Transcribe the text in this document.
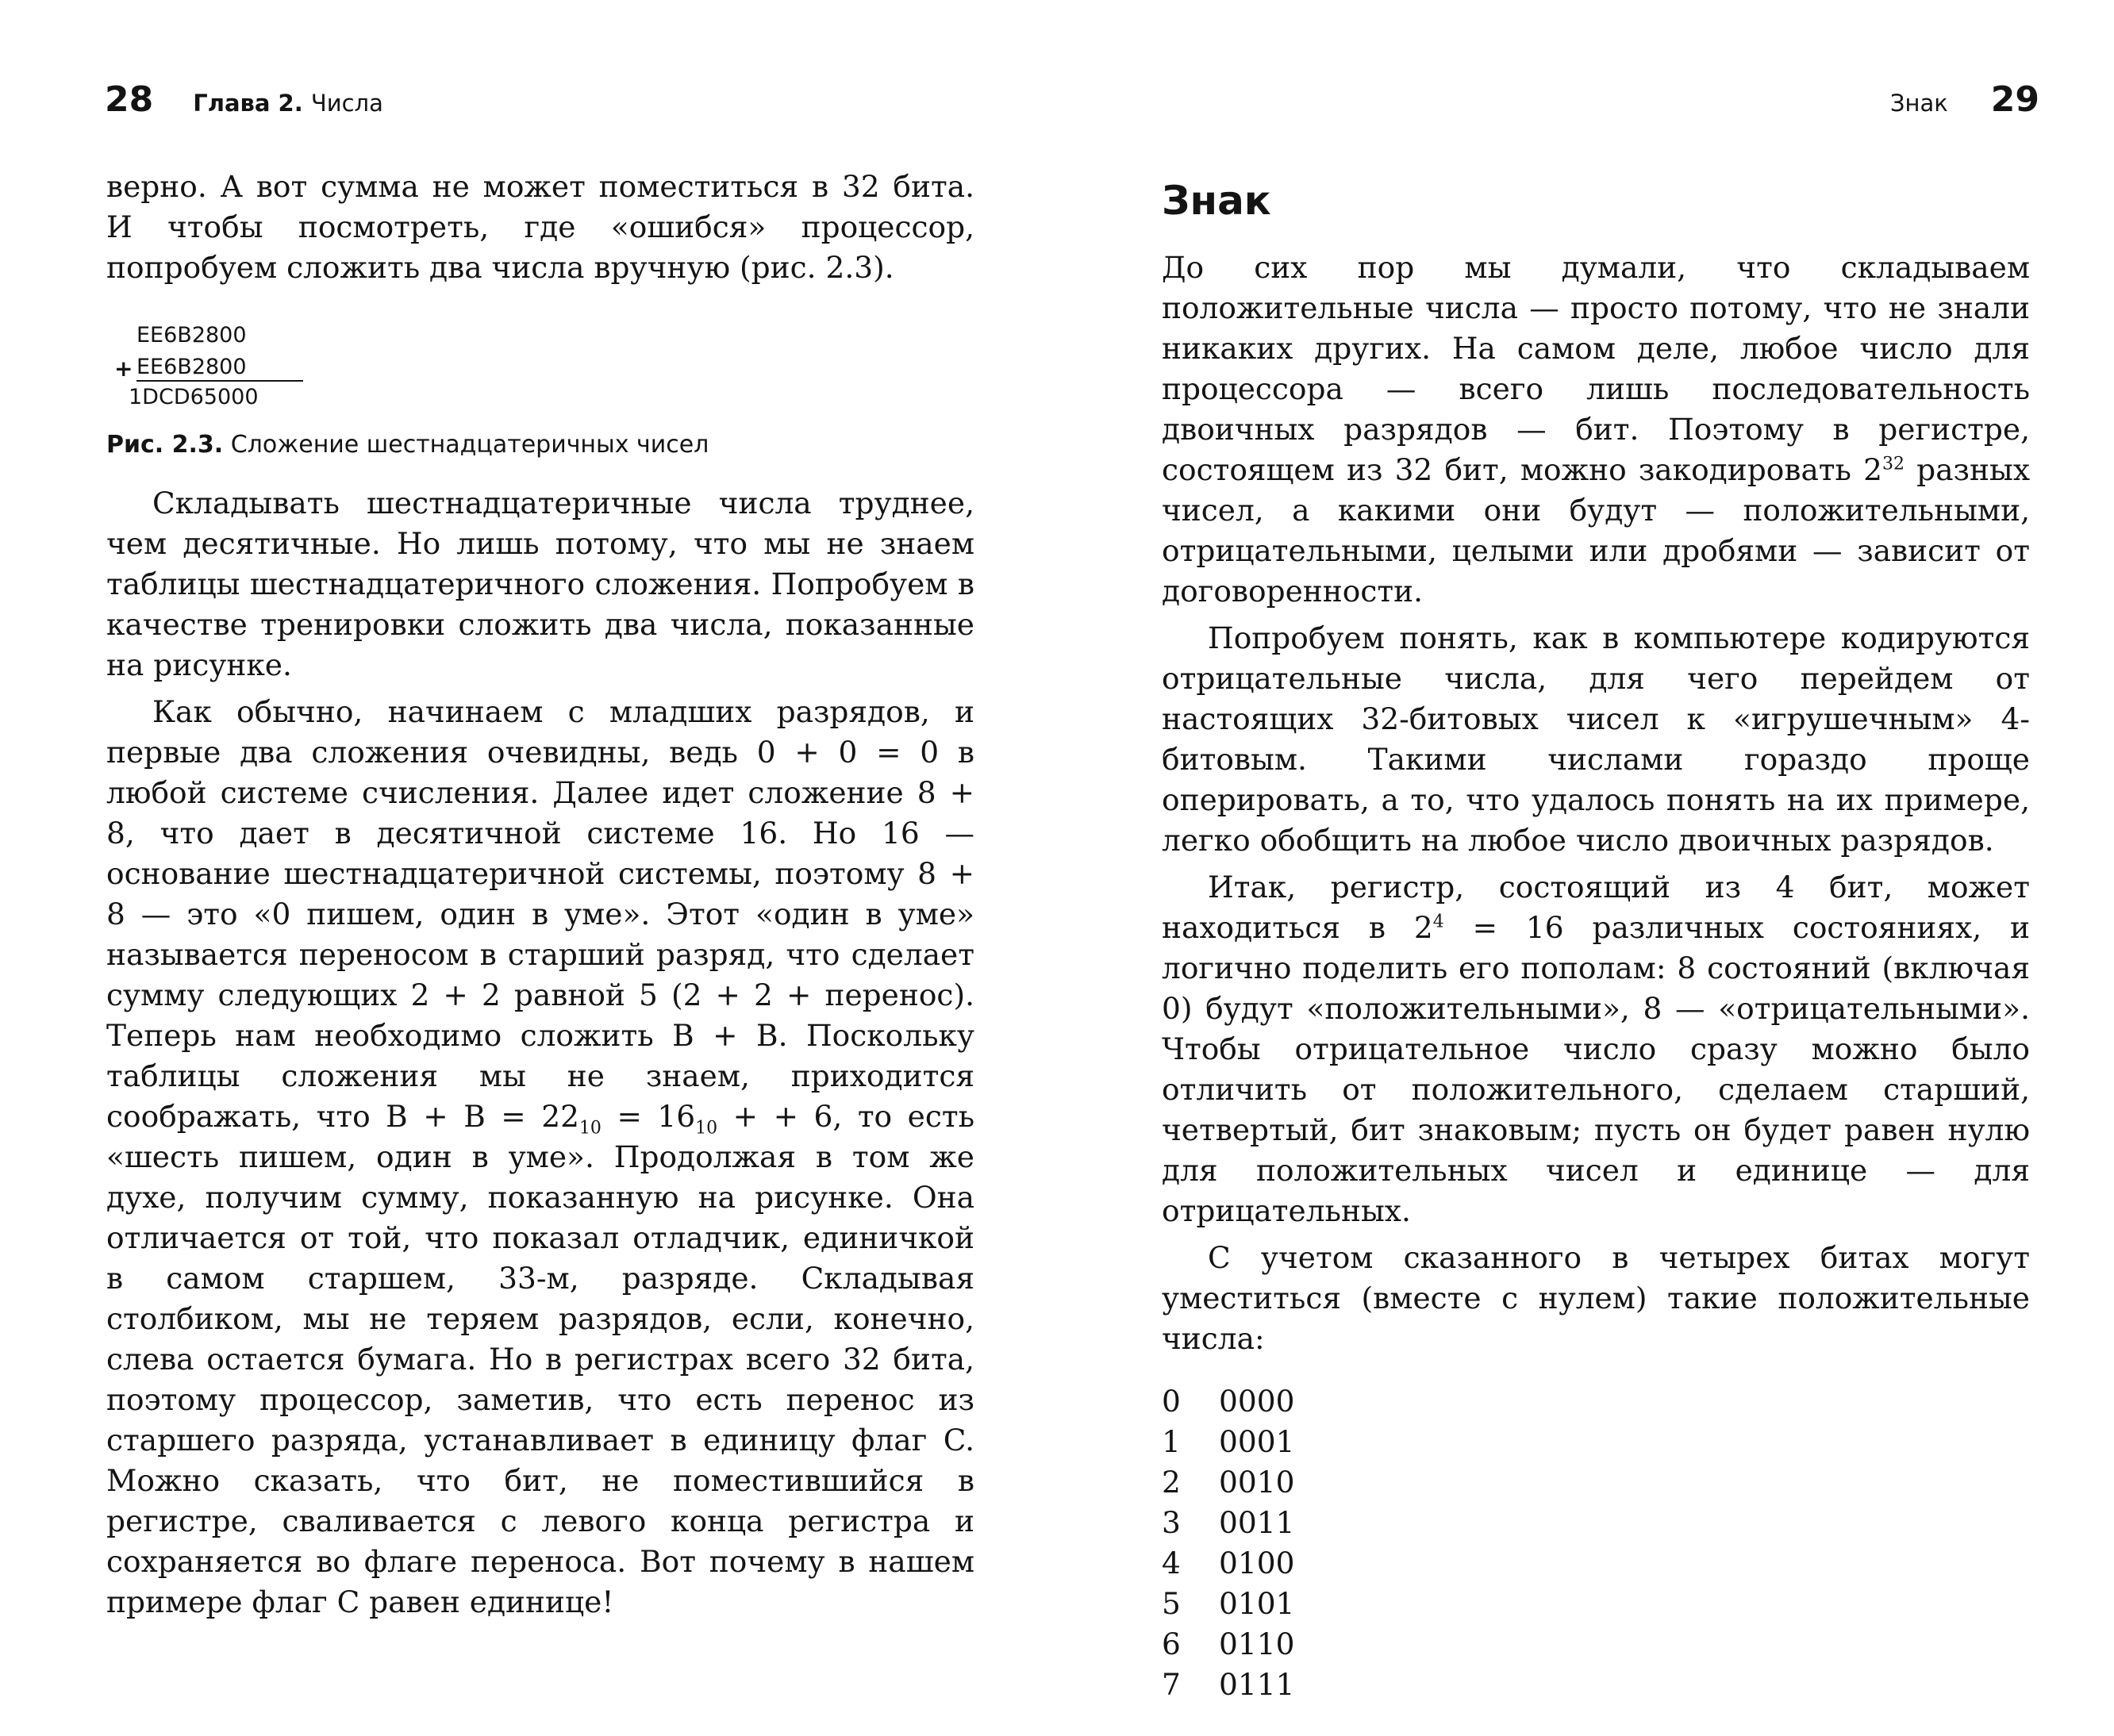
28 Глава 2. Числа

верно. А вот сумма не может поместиться в 32 бита. И чтобы посмотреть, где «ошибся» процессор, попробуем сложить два числа вручную (рис. 2.3).

EE6B2800
+ EE6B2800
1DCD65000
Рис. 2.3. Сложение шестнадцатеричных чисел

Складывать шестнадцатеричные числа труднее, чем десятичные. Но лишь потому, что мы не знаем таблицы шестнадцатеричного сложения. Попробуем в качестве тренировки сложить два числа, показанные на рисунке.

Как обычно, начинаем с младших разрядов, и первые два сложения очевидны, ведь 0 + 0 = 0 в любой системе счисления. Далее идет сложение 8 + 8, что дает в десятичной системе 16. Но 16 — основание шестнадцатеричной системы, поэтому 8 + 8 — это «0 пишем, один в уме». Этот «один в уме» называется переносом в старший разряд, что сделает сумму следующих 2 + 2 равной 5 (2 + 2 + перенос). Теперь нам необходимо сложить B + B. Поскольку таблицы сложения мы не знаем, приходится соображать, что $B + B = 22_{10} = 16_{10}$ + + 6, то есть «шесть пишем, один в уме». Продолжая в том же духе, получим сумму, показанную на рисунке. Она отличается от той, что показал отладчик, единичкой в самом старшем, 33-м, разряде. Складывая столбиком, мы не теряем разрядов, если, конечно, слева остается бумага. Но в регистрах всего 32 бита, поэтому процессор, заметив, что есть перенос из старшего разряда, устанавливает в единицу флаг C. Можно сказать, что бит, не поместившийся в регистре, сваливается с левого конца регистра и сохраняется во флаге переноса. Вот почему в нашем примере флаг C равен единице!

Знак 29
Знак

До сих пор мы думали, что складываем положительные числа — просто потому, что не знали никаких других. На самом деле, любое число для процессора — всего лишь последовательность двоичных разрядов — бит. Поэтому в регистре, состоящем из 32 бит, можно закодировать $2^{32}$ разных чисел, а какими они будут — положительными, отрицательными, целыми или дробями — зависит от договоренности.

Попробуем понять, как в компьютере кодируются отрицательные числа, для чего перейдем от настоящих 32-битовых чисел к «игрушечным» 4-битовым. Такими числами гораздо проще оперировать, а то, что удалось понять на их примере, легко обобщить на любое число двоичных разрядов.

Итак, регистр, состоящий из 4 бит, может находиться в $2^4 = 16$ различных состояниях, и логично поделить его пополам: 8 состояний (включая 0) будут «положительными», 8 — «отрицательными». Чтобы отрицательное число сразу можно было отличить от положительного, сделаем старший, четвертый, бит знаковым; пусть он будет равен нулю для положительных чисел и единице — для отрицательных.

С учетом сказанного в четырех битах могут уместиться (вместе с нулем) такие положительные числа:

0	0000
1	0001
2	0010
3	0011
4	0100
5	0101
6	0110
7	0111
